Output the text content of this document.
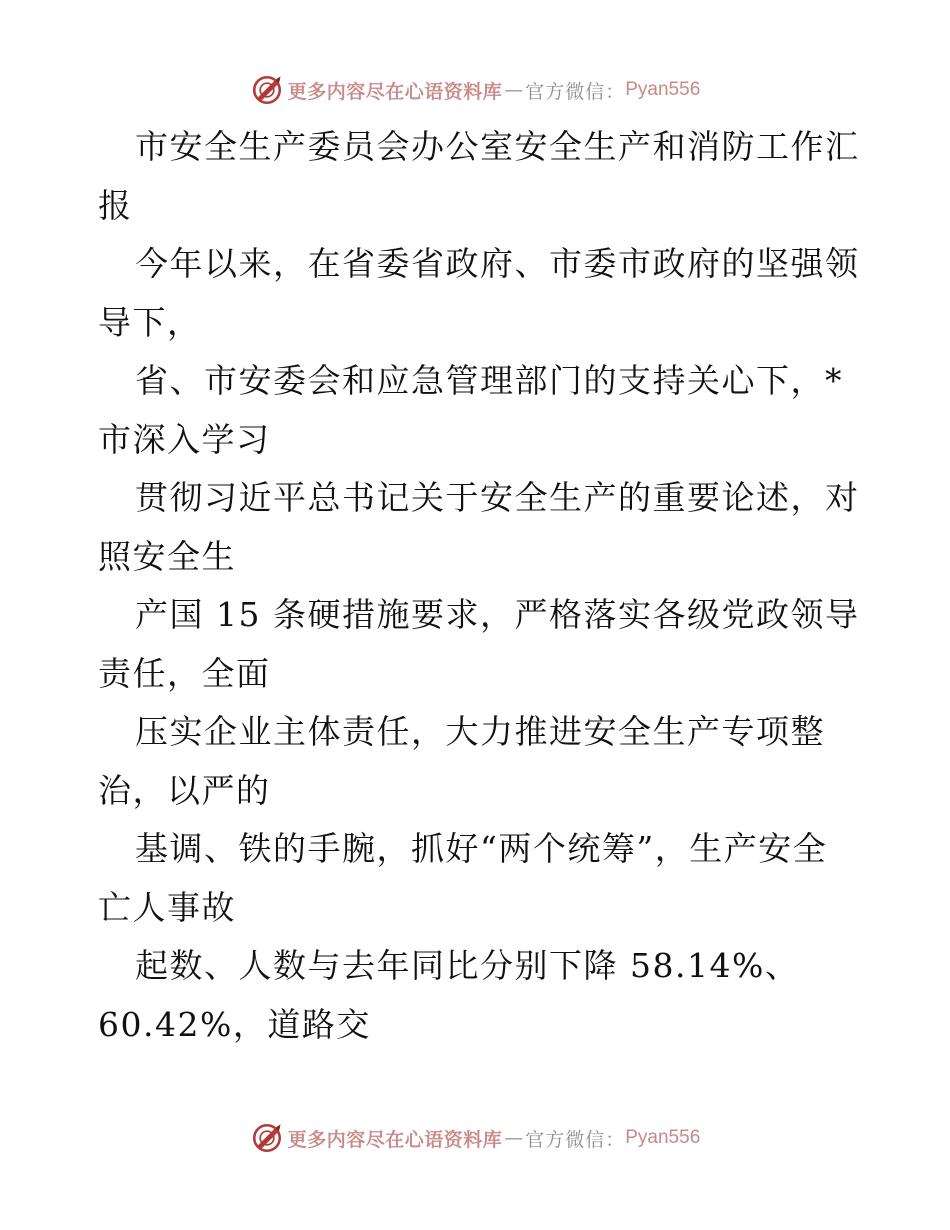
更多内容尽在心语资料库 — 官方微信： Pyan556
市安全生产委员会办公室安全生产和消防工作汇
报
今年以来，在省委省政府、市委市政府的坚强领
导下，
省、市安委会和应急管理部门的支持关心下，*
市深入学习
贯彻习近平总书记关于安全生产的重要论述，对
照安全生
产国 15 条硬措施要求，严格落实各级党政领导
责任，全面
压实企业主体责任，大力推进安全生产专项整
治，以严的
基调、铁的手腕，抓好“两个统筹”，生产安全
亡人事故
起数、人数与去年同比分别下降 58.14%、
60.42%，道路交
更多内容尽在心语资料库 — 官方微信： Pyan556
